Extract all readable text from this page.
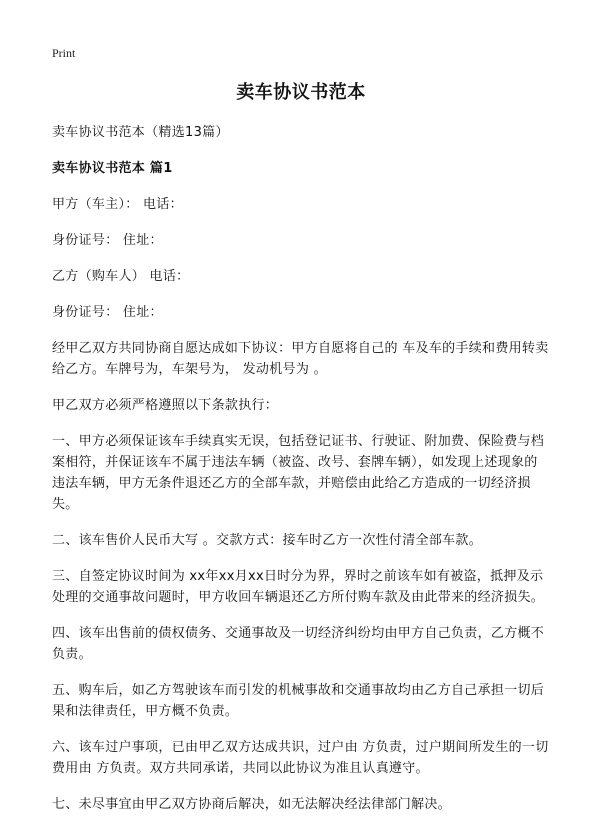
Print
卖车协议书范本
卖车协议书范本（精选13篇）
卖车协议书范本 篇1
甲方（车主）： 电话：
身份证号： 住址：
乙方（购车人） 电话：
身份证号： 住址：
经甲乙双方共同协商自愿达成如下协议：甲方自愿将自己的 车及车的手续和费用转卖给乙方。车牌号为，车架号为， 发动机号为 。
甲乙双方必须严格遵照以下条款执行：
一、甲方必须保证该车手续真实无误，包括登记证书、行驶证、附加费、保险费与档案相符，并保证该车不属于违法车辆（被盗、改号、套牌车辆），如发现上述现象的违法车辆，甲方无条件退还乙方的全部车款，并赔偿由此给乙方造成的一切经济损失。
二、该车售价人民币大写 。交款方式：接车时乙方一次性付清全部车款。
三、自签定协议时间为 xx年xx月xx日时分为界，界时之前该车如有被盗，抵押及示处理的交通事故问题时，甲方收回车辆退还乙方所付购车款及由此带来的经济损失。
四、该车出售前的债权债务、交通事故及一切经济纠纷均由甲方自己负责，乙方概不负责。
五、购车后，如乙方驾驶该车而引发的机械事故和交通事故均由乙方自己承担一切后果和法律责任，甲方概不负责。
六、该车过户事项，已由甲乙双方达成共识，过户由 方负责，过户期间所发生的一切费用由 方负责。双方共同承诺，共同以此协议为准且认真遵守。
七、未尽事宜由甲乙双方协商后解决，如无法解决经法律部门解决。
